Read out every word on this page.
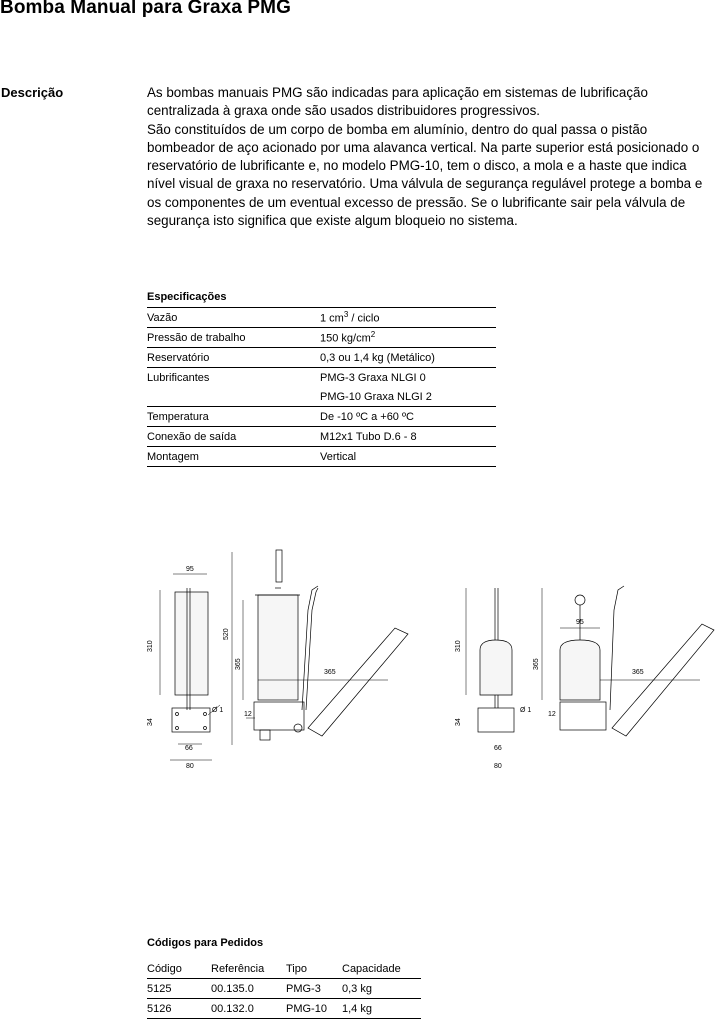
Bomba Manual para Graxa PMG
Descrição	As bombas manuais PMG são indicadas para aplicação em sistemas de lubrificação centralizada à graxa onde são usados distribuidores progressivos.

São constituídos de um corpo de bomba em alumínio, dentro do qual passa o pistão bombeador de aço acionado por uma alavanca vertical. Na parte superior está posicionado o reservatório de lubrificante e, no modelo PMG-10, tem o disco, a mola e a haste que indica nível visual de graxa no reservatório. Uma válvula de segurança regulável protege a bomba e os componentes de um eventual excesso de pressão. Se o lubrificante sair pela válvula de segurança isto significa que existe algum bloqueio no sistema.

Especificações
Vazão	1 $cm^3$ / ciclo
Pressão de trabalho	150 $kg/cm^2$
Reservatório	0,3 ou 1,4 kg (Metálico)
Lubrificantes	PMG-3 Graxa NLGI 0
	PMG-10 Graxa NLGI 2
Temperatura	De -10 ºC a +60 ºC
Conexão de saída	M12x1 Tubo D.6 - 8
Montagem	Vertical
95
310
34
66
80
Ø 1
520
365
12
365
310
34
66
80
Ø 1
95
365
12
365
Códigos para Pedidos
Código	Referência	Tipo	Capacidade
5125	00.135.0	PMG-3	0,3 kg
5126	00.132.0	PMG-10	1,4 kg
